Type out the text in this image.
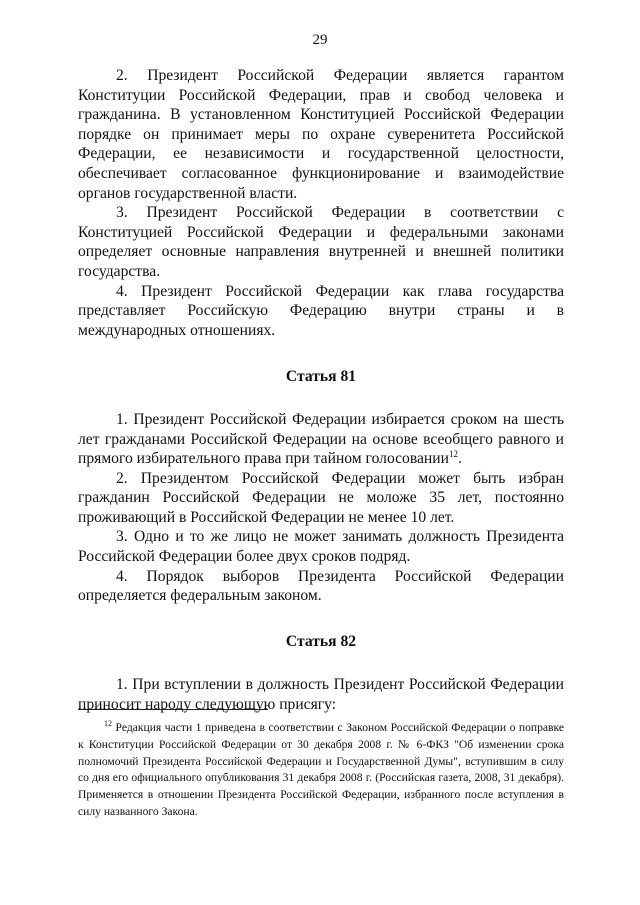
29

2. Президент Российской Федерации является гарантом Конституции Российской Федерации, прав и свобод человека и гражданина. В установленном Конституцией Российской Федерации порядке он принимает меры по охране суверенитета Российской Федерации, ее независимости и государственной целостности, обеспечивает согласованное функционирование и взаимодействие органов государственной власти.

3. Президент Российской Федерации в соответствии с Конституцией Российской Федерации и федеральными законами определяет основные направления внутренней и внешней политики государства.

4. Президент Российской Федерации как глава государства представляет Российскую Федерацию внутри страны и в международных отношениях.

Статья 81

1. Президент Российской Федерации избирается сроком на шесть лет гражданами Российской Федерации на основе всеобщего равного и прямого избирательного права при тайном голосовании$^{12}$.

2. Президентом Российской Федерации может быть избран гражданин Российской Федерации не моложе 35 лет, постоянно проживающий в Российской Федерации не менее 10 лет.

3. Одно и то же лицо не может занимать должность Президента Российской Федерации более двух сроков подряд.

4. Порядок выборов Президента Российской Федерации определяется федеральным законом.

Статья 82

1. При вступлении в должность Президент Российской Федерации приносит народу следующую присягу:

$^{12}$ Редакция части 1 приведена в соответствии с Законом Российской Федерации о поправке к Конституции Российской Федерации от 30 декабря 2008 г. № 6-ФКЗ "Об изменении срока полномочий Президента Российской Федерации и Государственной Думы", вступившим в силу со дня его официального опубликования 31 декабря 2008 г. (Российская газета, 2008, 31 декабря). Применяется в отношении Президента Российской Федерации, избранного после вступления в силу названного Закона.
